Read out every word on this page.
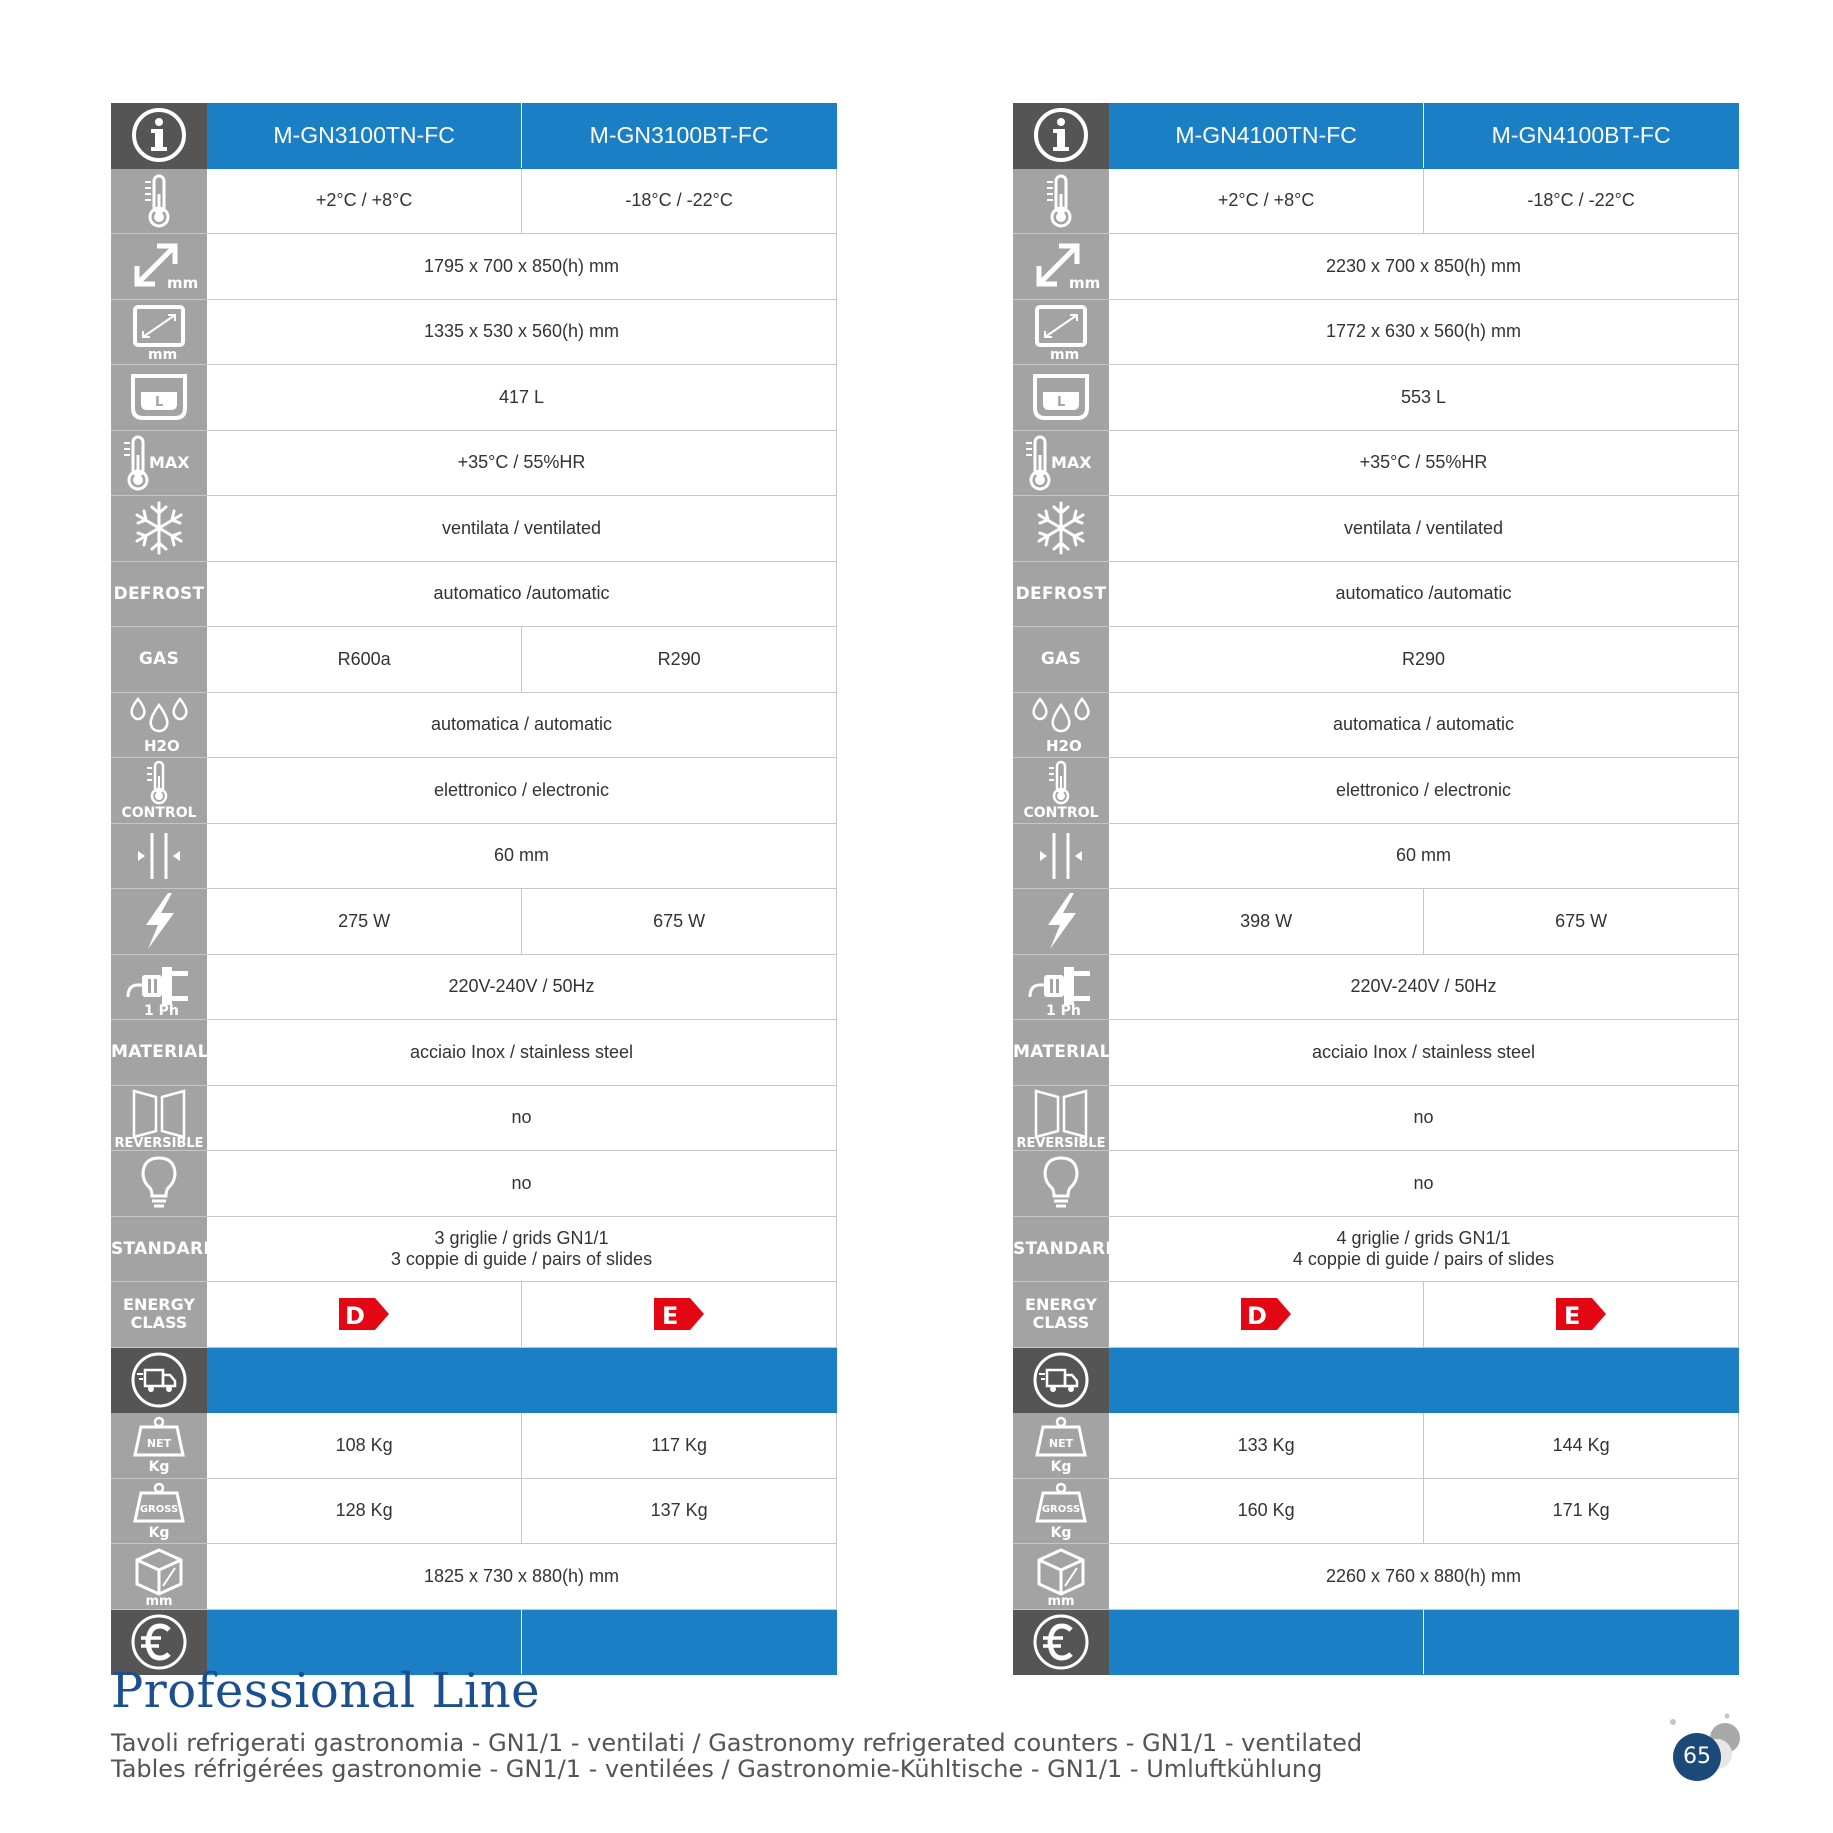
	M-GN3100TN-FC	M-GN3100BT-FC

	+2°C / +8°C	-18°C / -22°C

mm	1795 x 700 x 850(h) mm	

mm	1335 x 530 x 560(h) mm	

L	417 L	

MAX	+35°C / 55%HR	

	ventilata / ventilated	
DEFROST	automatico /automatic	
GAS	R600a	R290

H2O	automatica / automatic	

CONTROL	elettronico / electronic	

	60 mm	

	275 W	675 W

1 Ph	220V-240V / 50Hz	
MATERIAL	acciaio Inox / stainless steel	

REVERSIBLE	no	

	no	
STANDARD	3 griglie / grids GN1/1
3 coppie di guide / pairs of slides	

ENERGY
CLASS	D	E

NET
Kg	108 Kg	117 Kg

GROSS
Kg	128 Kg	137 Kg

mm	1825 x 730 x 880(h) mm	

	M-GN4100TN-FC	M-GN4100BT-FC

	+2°C / +8°C	-18°C / -22°C

mm	2230 x 700 x 850(h) mm	

mm	1772 x 630 x 560(h) mm	

L	553 L	

MAX	+35°C / 55%HR	

	ventilata / ventilated	
DEFROST	automatico /automatic	
GAS	R290	

H2O	automatica / automatic	

CONTROL	elettronico / electronic	

	60 mm	

	398 W	675 W

1 Ph	220V-240V / 50Hz	
MATERIAL	acciaio Inox / stainless steel	

REVERSIBLE	no	

	no	
STANDARD	4 griglie / grids GN1/1
4 coppie di guide / pairs of slides	

ENERGY
CLASS	D	E

NET
Kg	133 Kg	144 Kg

GROSS
Kg	160 Kg	171 Kg

mm	2260 x 760 x 880(h) mm	

Professional Line
Tavoli refrigerati gastronomia - GN1/1 - ventilati / Gastronomy refrigerated counters - GN1/1 - ventilated
Tables réfrigérées gastronomie - GN1/1 - ventilées / Gastronomie-Kühltische - GN1/1 - Umluftkühlung	65
